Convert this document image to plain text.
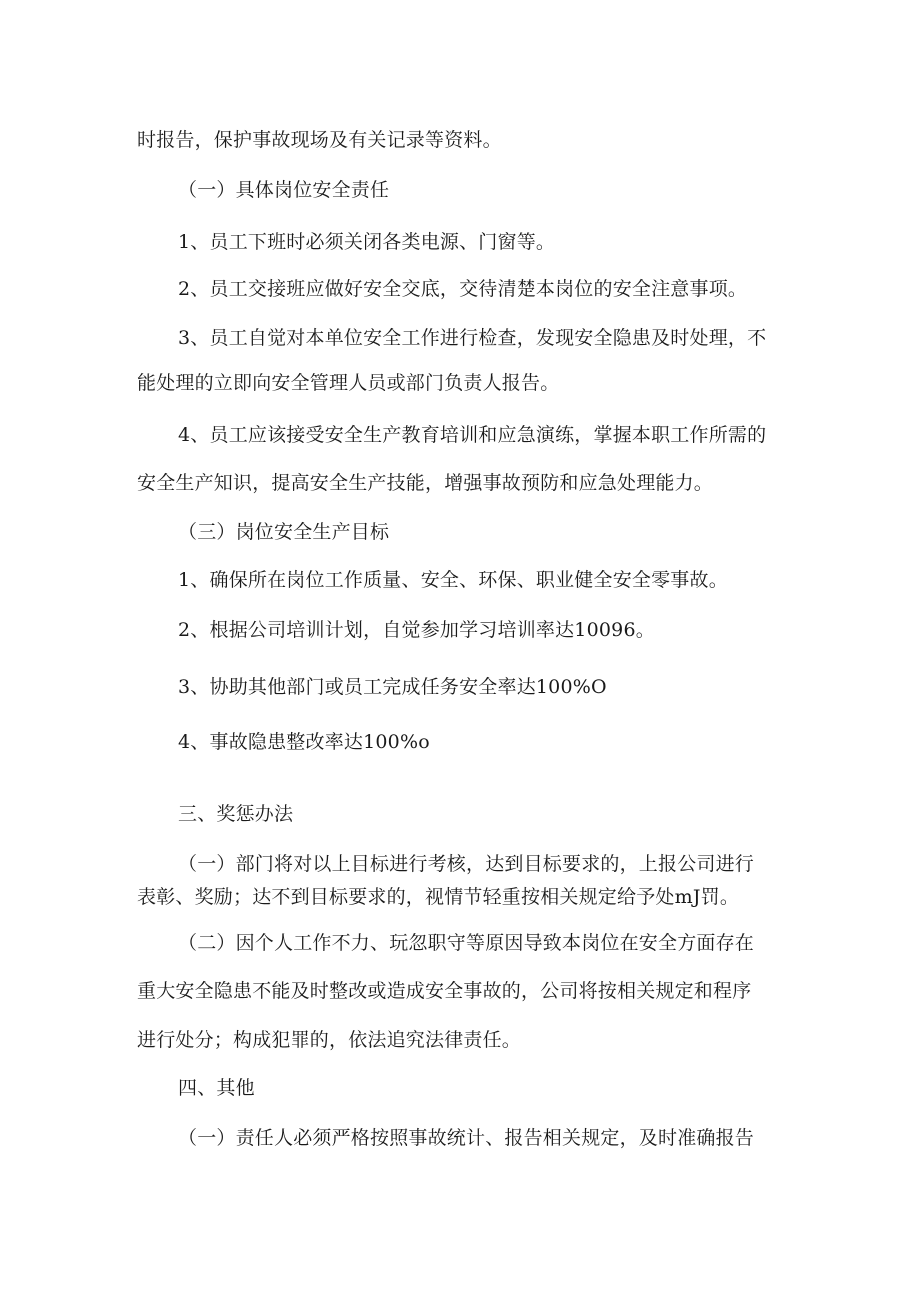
时报告，保护事故现场及有关记录等资料。
（一）具体岗位安全责任
1、员工下班时必须关闭各类电源、门窗等。
2、员工交接班应做好安全交底，交待清楚本岗位的安全注意事项。
3、员工自觉对本单位安全工作进行检查，发现安全隐患及时处理，不
能处理的立即向安全管理人员或部门负责人报告。
4、员工应该接受安全生产教育培训和应急演练，掌握本职工作所需的
安全生产知识，提高安全生产技能，增强事故预防和应急处理能力。
（三）岗位安全生产目标
1、确保所在岗位工作质量、安全、环保、职业健全安全零事故。
2、根据公司培训计划，自觉参加学习培训率达10096。
3、协助其他部门或员工完成任务安全率达100%O
4、事故隐患整改率达100%o
三、奖惩办法
（一）部门将对以上目标进行考核，达到目标要求的，上报公司进行
表彰、奖励；达不到目标要求的，视情节轻重按相关规定给予处mJ罚。
（二）因个人工作不力、玩忽职守等原因导致本岗位在安全方面存在
重大安全隐患不能及时整改或造成安全事故的，公司将按相关规定和程序
进行处分；构成犯罪的，依法追究法律责任。
四、其他
（一）责任人必须严格按照事故统计、报告相关规定，及时准确报告
